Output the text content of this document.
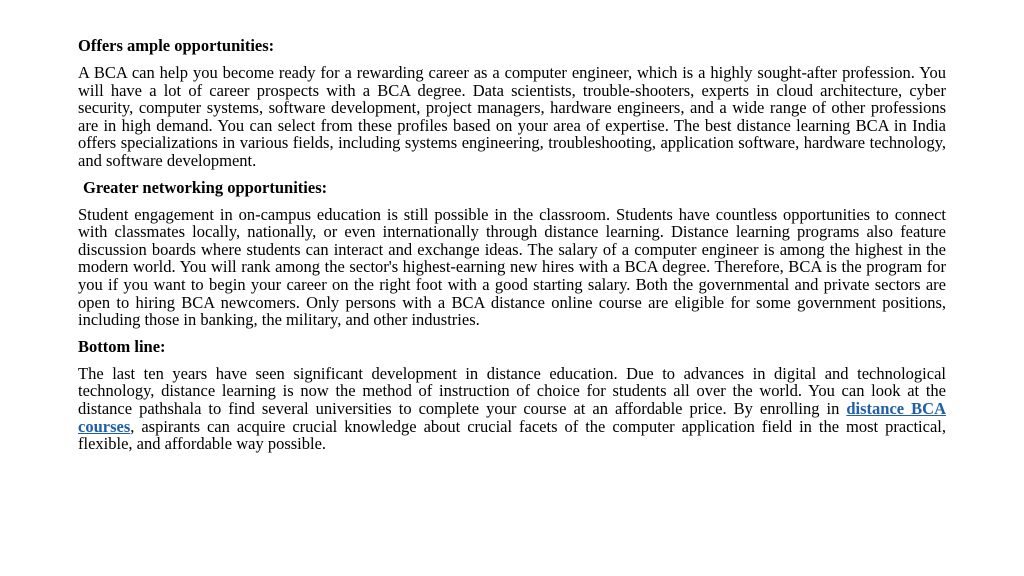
Offers ample opportunities:

A BCA can help you become ready for a rewarding career as a computer engineer, which is a highly sought-after profession. You will have a lot of career prospects with a BCA degree. Data scientists, trouble-shooters, experts in cloud architecture, cyber security, computer systems, software development, project managers, hardware engineers, and a wide range of other professions are in high demand. You can select from these profiles based on your area of expertise. The best distance learning BCA in India offers specializations in various fields, including systems engineering, troubleshooting, application software, hardware technology, and software development.

Greater networking opportunities:

Student engagement in on-campus education is still possible in the classroom. Students have countless opportunities to connect with classmates locally, nationally, or even internationally through distance learning. Distance learning programs also feature discussion boards where students can interact and exchange ideas. The salary of a computer engineer is among the highest in the modern world. You will rank among the sector's highest-earning new hires with a BCA degree. Therefore, BCA is the program for you if you want to begin your career on the right foot with a good starting salary. Both the governmental and private sectors are open to hiring BCA newcomers. Only persons with a BCA distance online course are eligible for some government positions, including those in banking, the military, and other industries.

Bottom line:

The last ten years have seen significant development in distance education. Due to advances in digital and technological technology, distance learning is now the method of instruction of choice for students all over the world. You can look at the distance pathshala to find several universities to complete your course at an affordable price. By enrolling in distance BCA courses, aspirants can acquire crucial knowledge about crucial facets of the computer application field in the most practical, flexible, and affordable way possible.
